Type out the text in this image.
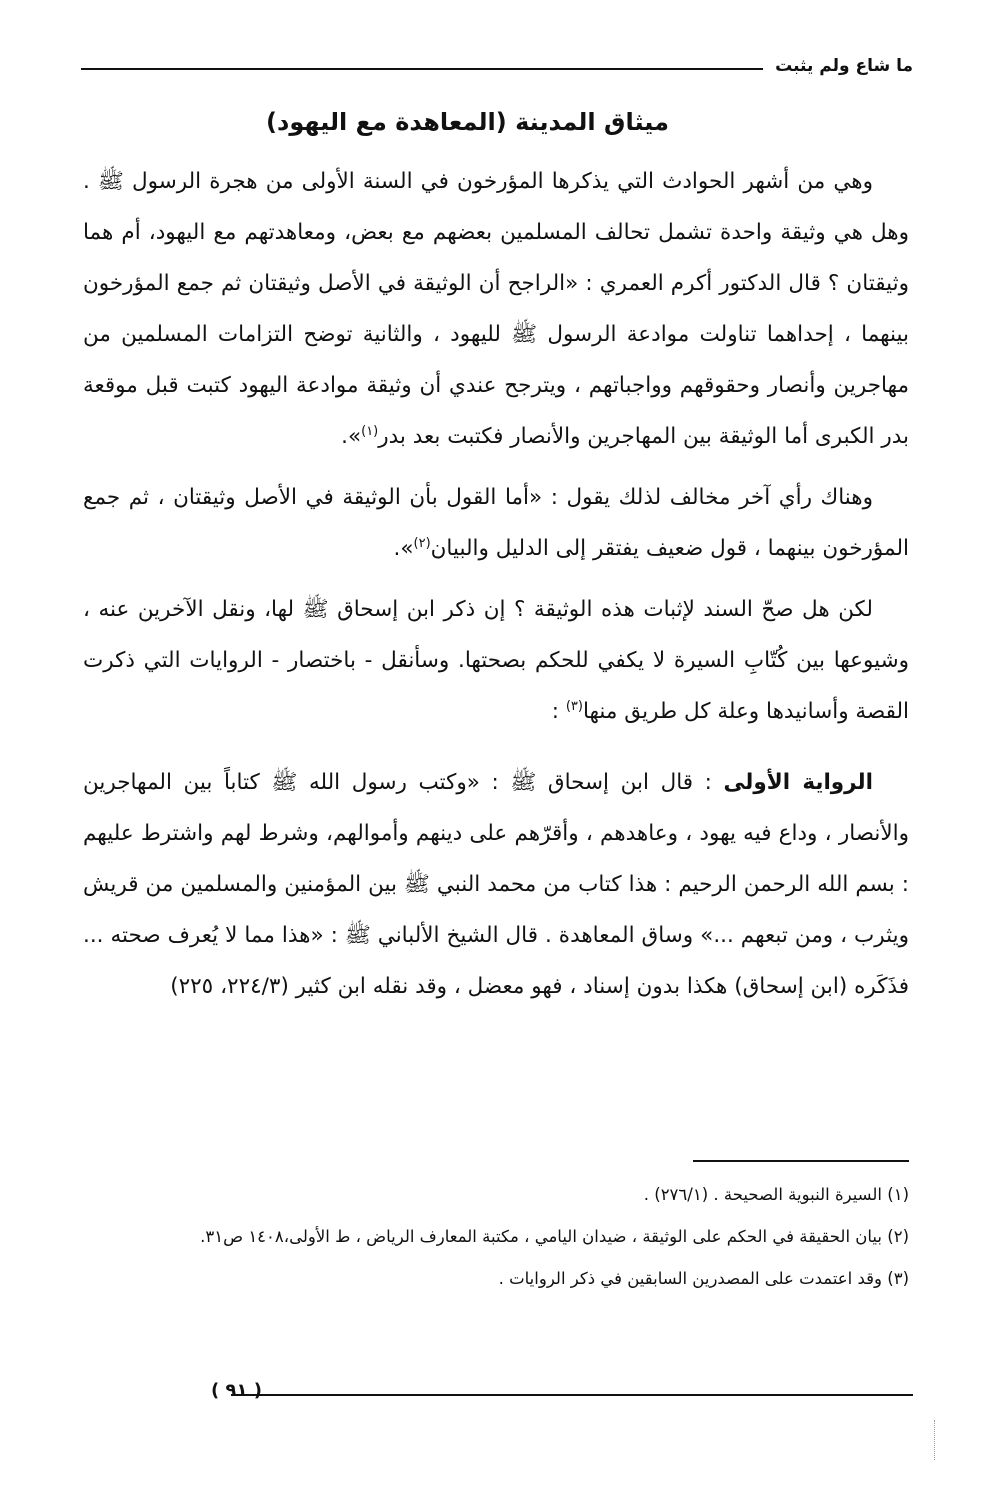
ما شاع ولم يثبت
ميثاق المدينة (المعاهدة مع اليهود)

وهي من أشهر الحوادث التي يذكرها المؤرخون في السنة الأولى من هجرة الرسول ﷺ . وهل هي وثيقة واحدة تشمل تحالف المسلمين بعضهم مع بعض، ومعاهدتهم مع اليهود، أم هما وثيقتان ؟ قال الدكتور أكرم العمري : «الراجح أن الوثيقة في الأصل وثيقتان ثم جمع المؤرخون بينهما ، إحداهما تناولت موادعة الرسول ﷺ لليهود ، والثانية توضح التزامات المسلمين من مهاجرين وأنصار وحقوقهم وواجباتهم ، ويترجح عندي أن وثيقة موادعة اليهود كتبت قبل موقعة بدر الكبرى أما الوثيقة بين المهاجرين والأنصار فكتبت بعد بدر$^{(١)}$».

وهناك رأي آخر مخالف لذلك يقول : «أما القول بأن الوثيقة في الأصل وثيقتان ، ثم جمع المؤرخون بينهما ، قول ضعيف يفتقر إلى الدليل والبيان$^{(٢)}$».

لكن هل صحّ السند لإثبات هذه الوثيقة ؟ إن ذكر ابن إسحاق ﷺ لها، ونقل الآخرين عنه ، وشيوعها بين كُتّابِ السيرة لا يكفي للحكم بصحتها. وسأنقل - باختصار - الروايات التي ذكرت القصة وأسانيدها وعلة كل طريق منها$^{(٣)}$ :

الرواية الأولى : قال ابن إسحاق ﷺ : «وكتب رسول الله ﷺ كتاباً بين المهاجرين والأنصار ، وداع فيه يهود ، وعاهدهم ، وأقرّهم على دينهم وأموالهم، وشرط لهم واشترط عليهم : بسم الله الرحمن الرحيم : هذا كتاب من محمد النبي ﷺ بين المؤمنين والمسلمين من قريش ويثرب ، ومن تبعهم ...» وساق المعاهدة . قال الشيخ الألباني ﷺ : «هذا مما لا يُعرف صحته ... فذَكَره (ابن إسحاق) هكذا بدون إسناد ، فهو معضل ، وقد نقله ابن كثير (٢٢٤/٣، ٢٢٥)

(١) السيرة النبوية الصحيحة . (٢٧٦/١) .
(٢) بيان الحقيقة في الحكم على الوثيقة ، ضيدان اليامي ، مكتبة المعارف الرياض ، ط الأولى،١٤٠٨ ص٣١.
(٣) وقد اعتمدت على المصدرين السابقين في ذكر الروايات .
( ٩١ )
